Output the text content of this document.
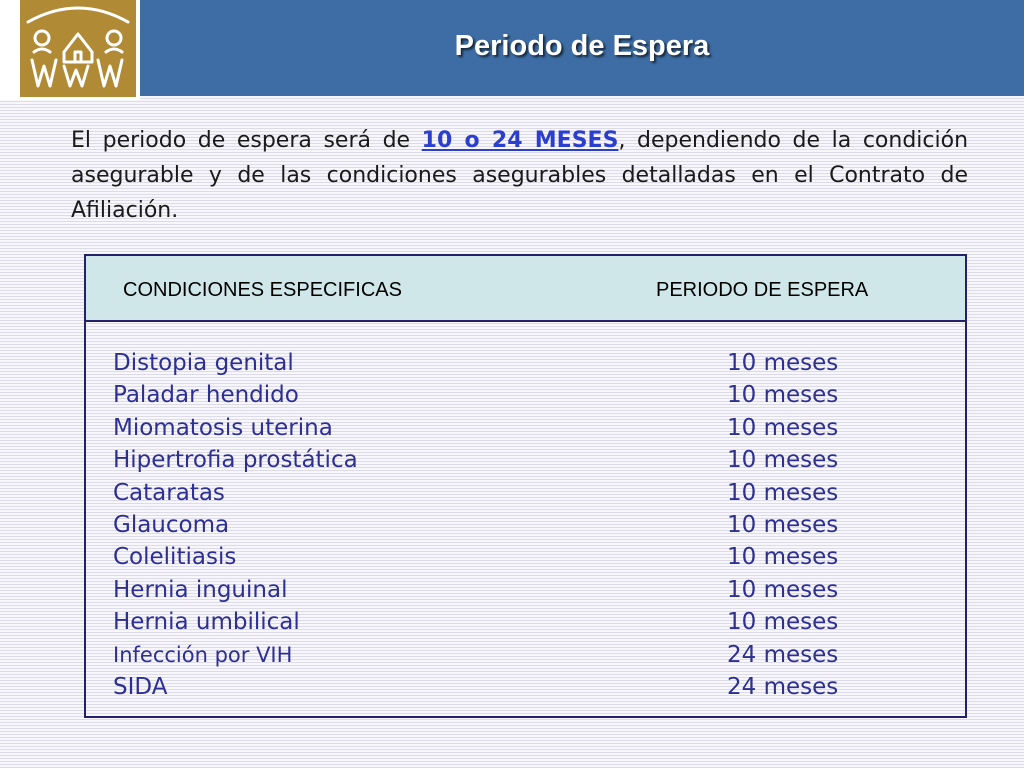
Periodo de Espera

El periodo de espera será de 10 o 24 MESES, dependiendo de la condición asegurable y de las condiciones asegurables detalladas en el Contrato de Afiliación.

CONDICIONES ESPECIFICAS	PERIODO DE ESPERA

Distopia genital	10 meses
Paladar hendido	10 meses
Miomatosis uterina	10 meses
Hipertrofia prostática	10 meses
Cataratas	10 meses
Glaucoma	10 meses
Colelitiasis	10 meses
Hernia inguinal	10 meses
Hernia umbilical	10 meses
Infección por VIH	24 meses
SIDA	24 meses
